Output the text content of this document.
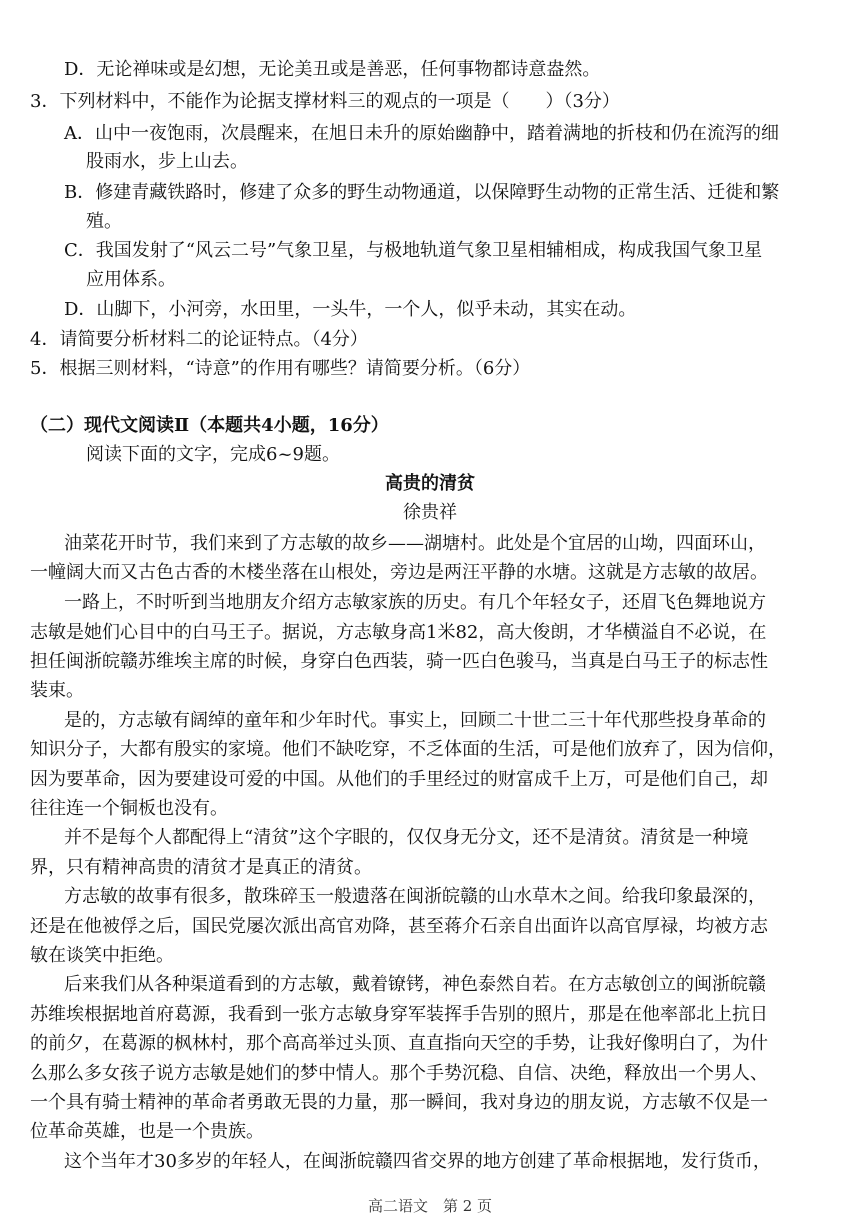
D．无论禅味或是幻想，无论美丑或是善恶，任何事物都诗意盎然。
3．下列材料中，不能作为论据支撑材料三的观点的一项是（　　）（3分）
A．山中一夜饱雨，次晨醒来，在旭日未升的原始幽静中，踏着满地的折枝和仍在流泻的细
股雨水，步上山去。
B．修建青藏铁路时，修建了众多的野生动物通道，以保障野生动物的正常生活、迁徙和繁
殖。
C．我国发射了“风云二号”气象卫星，与极地轨道气象卫星相辅相成，构成我国气象卫星
应用体系。
D．山脚下，小河旁，水田里，一头牛，一个人，似乎未动，其实在动。
4．请简要分析材料二的论证特点。（4分）
5．根据三则材料，“诗意”的作用有哪些？请简要分析。（6分）
（二）现代文阅读Ⅱ（本题共4小题，16分）
阅读下面的文字，完成6~9题。
高贵的清贫
徐贵祥
油菜花开时节，我们来到了方志敏的故乡——湖塘村。此处是个宜居的山坳，四面环山，
一幢阔大而又古色古香的木楼坐落在山根处，旁边是两汪平静的水塘。这就是方志敏的故居。
一路上，不时听到当地朋友介绍方志敏家族的历史。有几个年轻女子，还眉飞色舞地说方
志敏是她们心目中的白马王子。据说，方志敏身高1米82，高大俊朗，才华横溢自不必说，在
担任闽浙皖赣苏维埃主席的时候，身穿白色西装，骑一匹白色骏马，当真是白马王子的标志性
装束。
是的，方志敏有阔绰的童年和少年时代。事实上，回顾二十世二三十年代那些投身革命的
知识分子，大都有殷实的家境。他们不缺吃穿，不乏体面的生活，可是他们放弃了，因为信仰，
因为要革命，因为要建设可爱的中国。从他们的手里经过的财富成千上万，可是他们自己，却
往往连一个铜板也没有。
并不是每个人都配得上“清贫”这个字眼的，仅仅身无分文，还不是清贫。清贫是一种境
界，只有精神高贵的清贫才是真正的清贫。
方志敏的故事有很多，散珠碎玉一般遗落在闽浙皖赣的山水草木之间。给我印象最深的，
还是在他被俘之后，国民党屡次派出高官劝降，甚至蒋介石亲自出面许以高官厚禄，均被方志
敏在谈笑中拒绝。
后来我们从各种渠道看到的方志敏，戴着镣铐，神色泰然自若。在方志敏创立的闽浙皖赣
苏维埃根据地首府葛源，我看到一张方志敏身穿军装挥手告别的照片，那是在他率部北上抗日
的前夕，在葛源的枫林村，那个高高举过头顶、直直指向天空的手势，让我好像明白了，为什
么那么多女孩子说方志敏是她们的梦中情人。那个手势沉稳、自信、决绝，释放出一个男人、
一个具有骑士精神的革命者勇敢无畏的力量，那一瞬间，我对身边的朋友说，方志敏不仅是一
位革命英雄，也是一个贵族。
这个当年才30多岁的年轻人，在闽浙皖赣四省交界的地方创建了革命根据地，发行货币，
高二语文　第 2 页
